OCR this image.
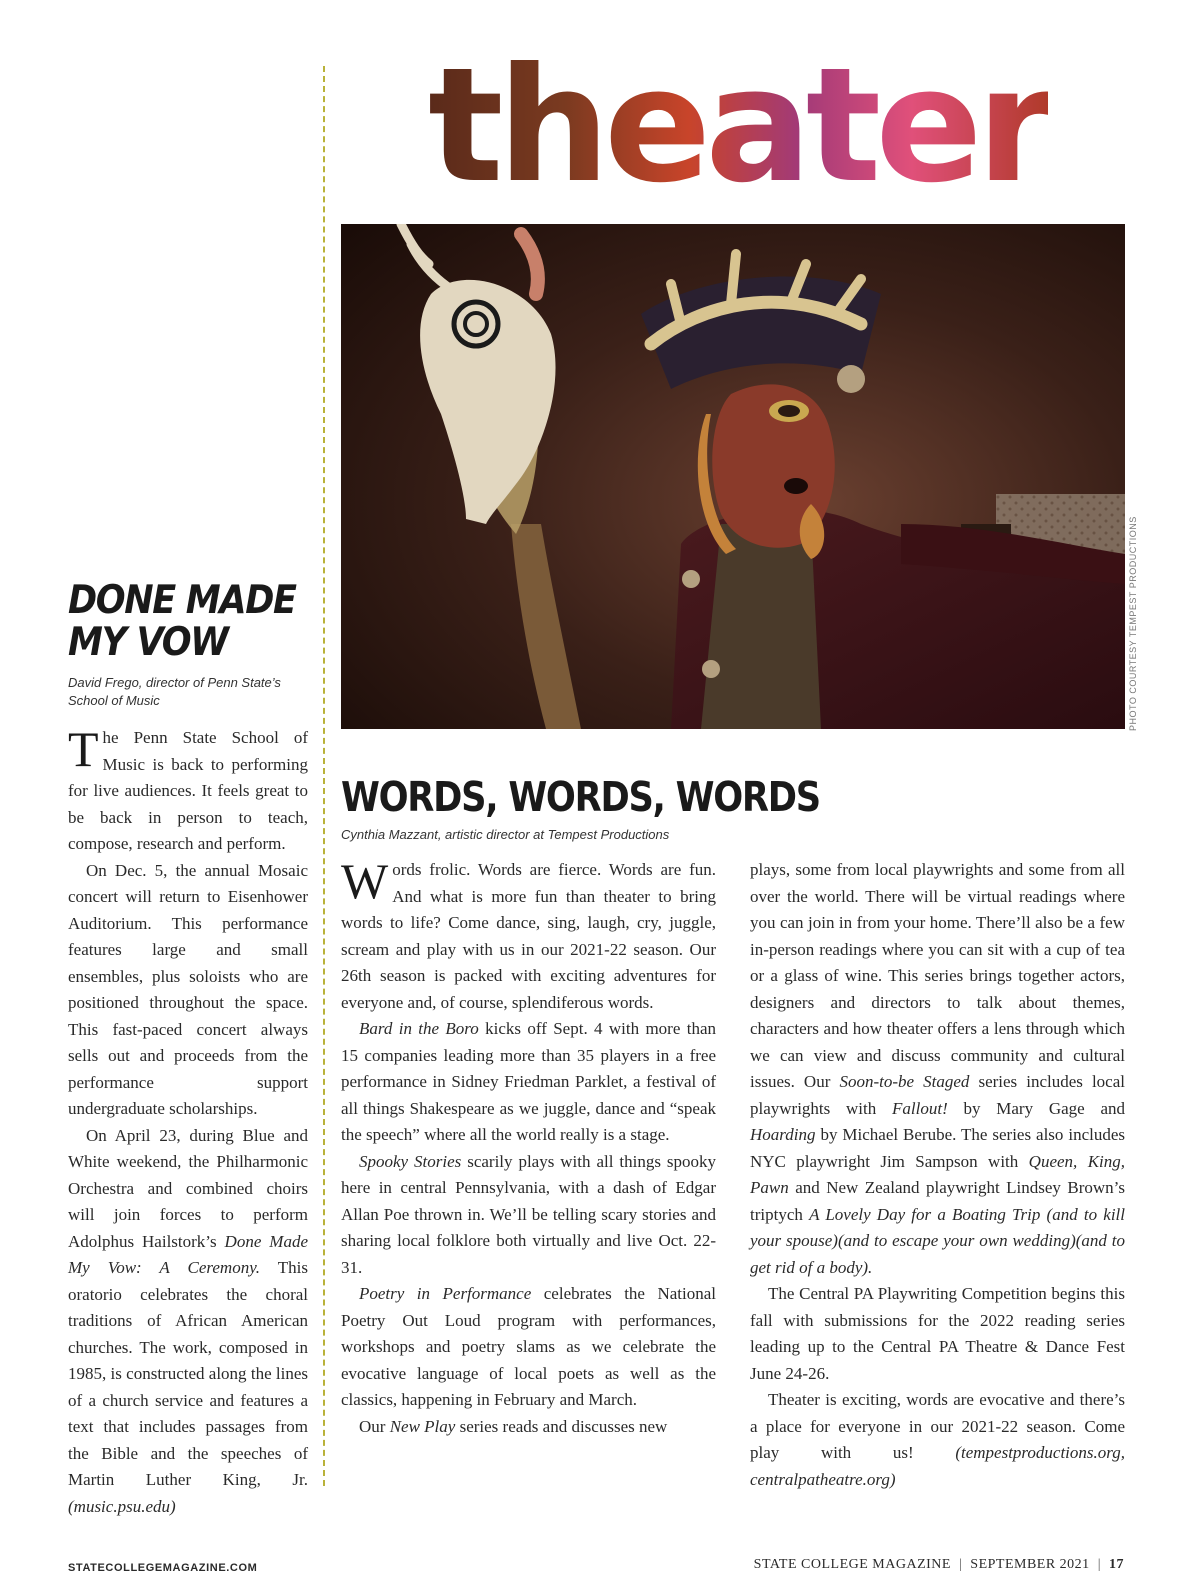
theater
PHOTO COURTESY TEMPEST PRODUCTIONS
DONE MADE
MY VOW
David Frego, director of Penn State’s School of Music

The Penn State School of Music is back to performing for live audiences. It feels great to be back in person to teach, compose, research and perform.

On Dec. 5, the annual Mosaic concert will return to Eisenhower Auditorium. This performance features large and small ensembles, plus soloists who are positioned throughout the space. This fast-paced concert always sells out and proceeds from the performance support undergraduate scholarships.

On April 23, during Blue and White weekend, the Philharmonic Orchestra and combined choirs will join forces to perform Adolphus Hailstork’s Done Made My Vow: A Ceremony. This oratorio celebrates the choral traditions of African American churches. The work, composed in 1985, is constructed along the lines of a church service and features a text that includes passages from the Bible and the speeches of Martin Luther King, Jr. (music.psu.edu)

WORDS, WORDS, WORDS
Cynthia Mazzant, artistic director at Tempest Productions

Words frolic. Words are fierce. Words are fun. And what is more fun than theater to bring words to life? Come dance, sing, laugh, cry, juggle, scream and play with us in our 2021-22 season. Our 26th season is packed with exciting adventures for everyone and, of course, splendiferous words.

Bard in the Boro kicks off Sept. 4 with more than 15 companies leading more than 35 players in a free performance in Sidney Friedman Parklet, a festival of all things Shakespeare as we juggle, dance and “speak the speech” where all the world really is a stage.

Spooky Stories scarily plays with all things spooky here in central Pennsylvania, with a dash of Edgar Allan Poe thrown in. We’ll be telling scary stories and sharing local folklore both virtually and live Oct. 22-31.

Poetry in Performance celebrates the National Poetry Out Loud program with performances, workshops and poetry slams as we celebrate the evocative language of local poets as well as the classics, happening in February and March.

Our New Play series reads and discusses new

plays, some from local playwrights and some from all over the world. There will be virtual readings where you can join in from your home. There’ll also be a few in-person readings where you can sit with a cup of tea or a glass of wine. This series brings together actors, designers and directors to talk about themes, characters and how theater offers a lens through which we can view and discuss community and cultural issues. Our Soon-to-be Staged series includes local playwrights with Fallout! by Mary Gage and Hoarding by Michael Berube. The series also includes NYC playwright Jim Sampson with Queen, King, Pawn and New Zealand playwright Lindsey Brown’s triptych A Lovely Day for a Boating Trip (and to kill your spouse)(and to escape your own wedding)(and to get rid of a body).

The Central PA Playwriting Competition begins this fall with submissions for the 2022 reading series leading up to the Central PA Theatre & Dance Fest June 24-26.

Theater is exciting, words are evocative and there’s a place for everyone in our 2021-22 season. Come play with us! (tempestproductions.org, centralpatheatre.org)

STATECOLLEGEMAGAZINE.COM	STATE COLLEGE MAGAZINE | SEPTEMBER 2021 | 17
